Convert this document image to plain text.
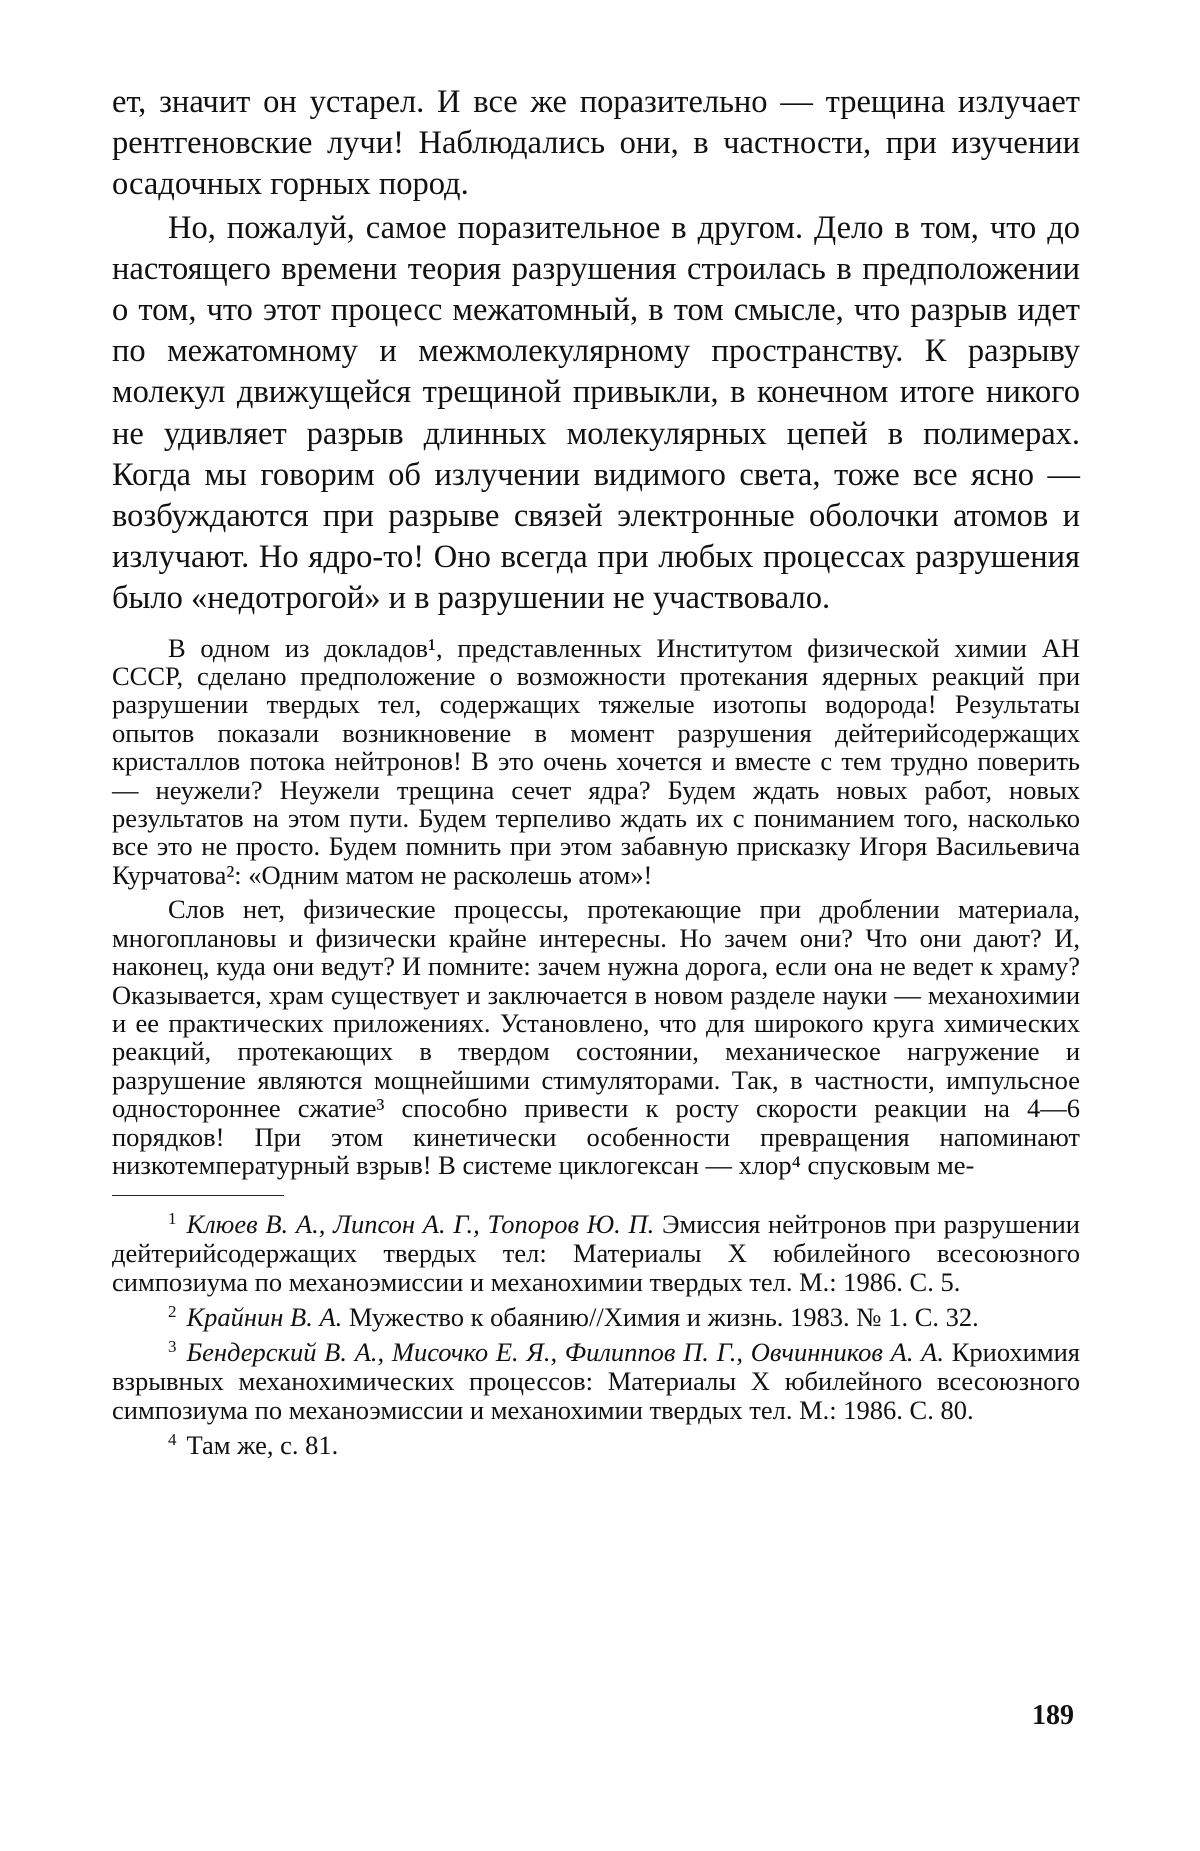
ет, значит он устарел. И все же поразительно — трещина излучает рентгеновские лучи! Наблюдались они, в частности, при изучении осадочных горных пород.

Но, пожалуй, самое поразительное в другом. Дело в том, что до настоящего времени теория разрушения строилась в предположении о том, что этот процесс межатомный, в том смысле, что разрыв идет по межатомному и межмолекулярному пространству. К разрыву молекул движущейся трещиной привыкли, в конечном итоге никого не удивляет разрыв длинных молекулярных цепей в полимерах. Когда мы говорим об излучении видимого света, тоже все ясно — возбуждаются при разрыве связей электронные оболочки атомов и излучают. Но ядро-то! Оно всегда при любых процессах разрушения было «недотрогой» и в разрушении не участвовало.

В одном из докладов¹, представленных Институтом физической химии АН СССР, сделано предположение о возможности протекания ядерных реакций при разрушении твердых тел, содержащих тяжелые изотопы водорода! Результаты опытов показали возникновение в момент разрушения дейтерийсодержащих кристаллов потока нейтронов! В это очень хочется и вместе с тем трудно поверить — неужели? Неужели трещина сечет ядра? Будем ждать новых работ, новых результатов на этом пути. Будем терпеливо ждать их с пониманием того, насколько все это не просто. Будем помнить при этом забавную присказку Игоря Васильевича Курчатова²: «Одним матом не расколешь атом»!

Слов нет, физические процессы, протекающие при дроблении материала, многоплановы и физически крайне интересны. Но зачем они? Что они дают? И, наконец, куда они ведут? И помните: зачем нужна дорога, если она не ведет к храму? Оказывается, храм существует и заключается в новом разделе науки — механохимии и ее практических приложениях. Установлено, что для широкого круга химических реакций, протекающих в твердом состоянии, механическое нагружение и разрушение являются мощнейшими стимуляторами. Так, в частности, импульсное одностороннее сжатие³ способно привести к росту скорости реакции на 4—6 порядков! При этом кинетически особенности превращения напоминают низкотемпературный взрыв! В системе циклогексан — хлор⁴ спусковым ме-

$^1$ Клюев В. А., Липсон А. Г., Топоров Ю. П. Эмиссия нейтронов при разрушении дейтерийсодержащих твердых тел: Материалы X юбилейного всесоюзного симпозиума по механоэмиссии и механохимии твердых тел. М.: 1986. С. 5.

$^2$ Крайнин В. А. Мужество к обаянию//Химия и жизнь. 1983. № 1. С. 32.

$^3$ Бендерский В. А., Мисочко Е. Я., Филиппов П. Г., Овчинников А. А. Криохимия взрывных механохимических процессов: Материалы X юбилейного всесоюзного симпозиума по механоэмиссии и механохимии твердых тел. М.: 1986. С. 80.

$^4$ Там же, с. 81.

189
